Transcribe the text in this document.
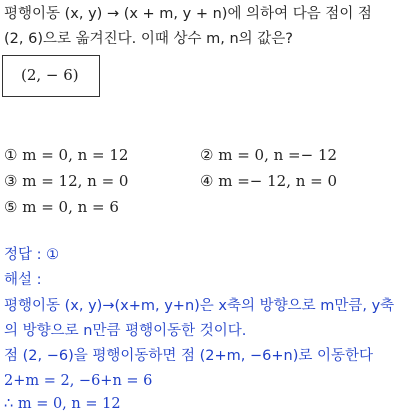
평행이동 (x, y) → (x + m, y + n)에 의하여 다음 점이 점
(2, 6)으로 옮겨진다. 이때 상수 m, n의 값은?
(2, − 6)
① m = 0, n = 12	② m = 0, n =− 12
③ m = 12, n = 0	④ m =− 12, n = 0
⑤ m = 0, n = 6
정답 : ①
해설 :
평행이동 (x, y)→(x+m, y+n)은 x축의 방향으로 m만큼, y축
의 방향으로 n만큼 평행이동한 것이다.
점 (2, −6)을 평행이동하면 점 (2+m, −6+n)로 이동한다
2+m = 2, −6+n = 6
∴ m = 0, n = 12
